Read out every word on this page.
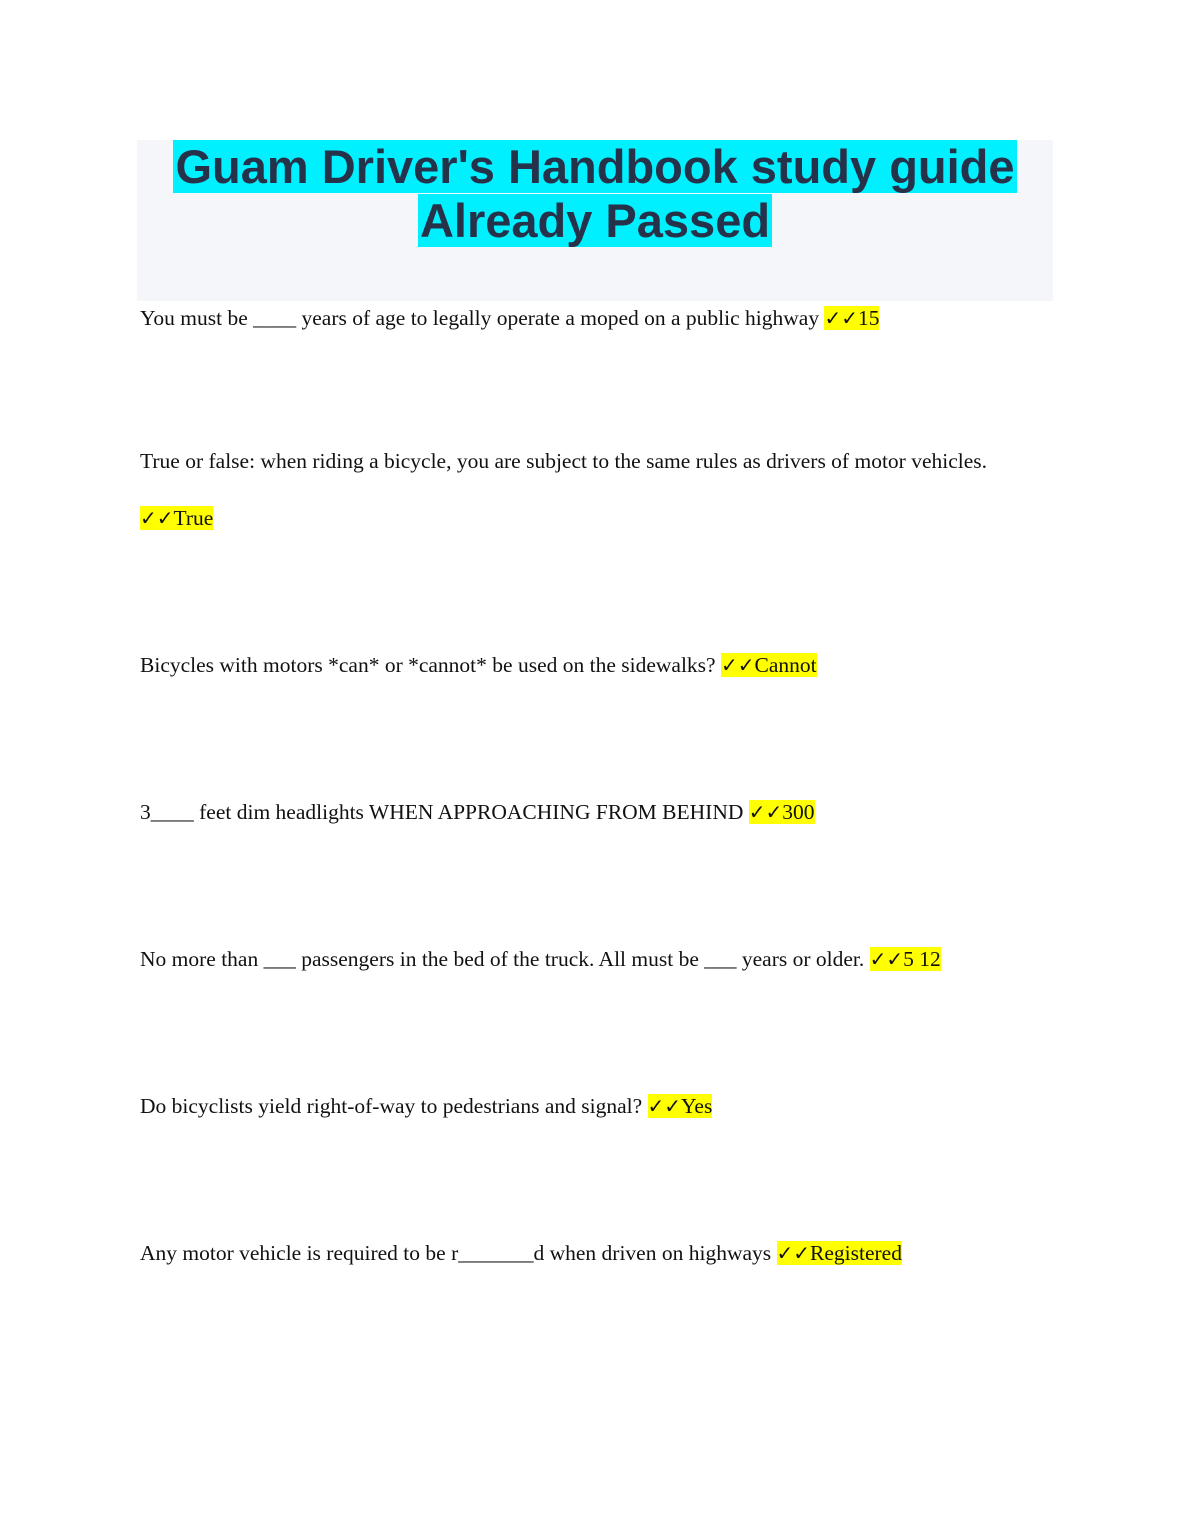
Guam Driver's Handbook study guide
Already Passed
You must be ____ years of age to legally operate a moped on a public highway ✓✓15
True or false: when riding a bicycle, you are subject to the same rules as drivers of motor vehicles. ✓✓True
Bicycles with motors *can* or *cannot* be used on the sidewalks? ✓✓Cannot
3____ feet dim headlights WHEN APPROACHING FROM BEHIND ✓✓300
No more than ___ passengers in the bed of the truck. All must be ___ years or older. ✓✓5 12
Do bicyclists yield right-of-way to pedestrians and signal? ✓✓Yes
Any motor vehicle is required to be r_______d when driven on highways ✓✓Registered
